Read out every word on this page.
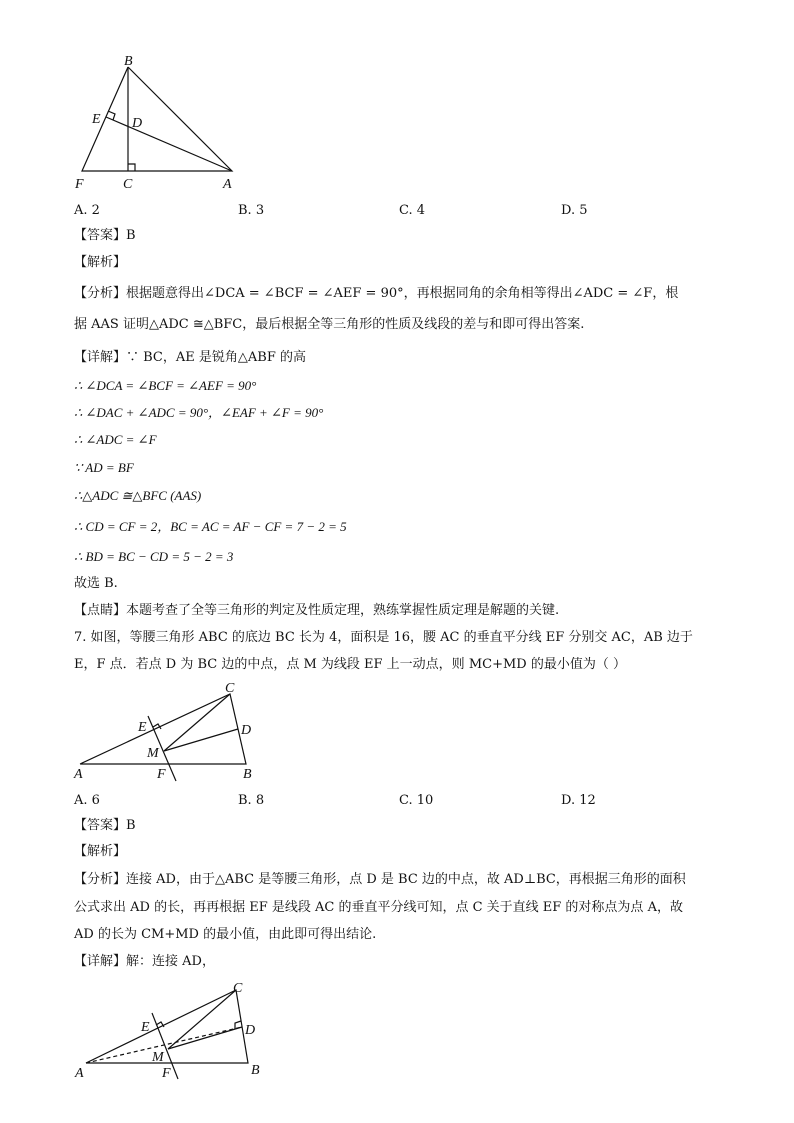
B
E D
F	C	A
A. 2	B. 3	C. 4	D. 5
【答案】B
【解析】
【分析】根据题意得出∠DCA = ∠BCF = ∠AEF = 90°，再根据同角的余角相等得出∠ADC = ∠F，根
据 AAS 证明△ADC ≅△BFC，最后根据全等三角形的性质及线段的差与和即可得出答案.
【详解】∵ BC，AE 是锐角△ABF 的高
∴ ∠DCA = ∠BCF = ∠AEF = 90°
∴ ∠DAC + ∠ADC = 90°，∠EAF + ∠F = 90°
∴ ∠ADC = ∠F
∵ AD = BF
∴△ADC ≅△BFC (AAS)
∴ CD = CF = 2，BC = AC = AF − CF = 7 − 2 = 5
∴ BD = BC − CD = 5 − 2 = 3
故选 B.
【点睛】本题考查了全等三角形的判定及性质定理，熟练掌握性质定理是解题的关键.
7. 如图，等腰三角形 ABC 的底边 BC 长为 4，面积是 16，腰 AC 的垂直平分线 EF 分别交 AC，AB 边于
E，F 点．若点 D 为 BC 边的中点，点 M 为线段 EF 上一动点，则 MC+MD 的最小值为（ ）
C
E	D
M
A	F	B
A. 6	B. 8	C. 10	D. 12
【答案】B
【解析】
【分析】连接 AD，由于△ABC 是等腰三角形，点 D 是 BC 边的中点，故 AD⊥BC，再根据三角形的面积
公式求出 AD 的长，再再根据 EF 是线段 AC 的垂直平分线可知，点 C 关于直线 EF 的对称点为点 A，故
AD 的长为 CM+MD 的最小值，由此即可得出结论.
【详解】解：连接 AD，
C
E	D
M
A	F	B
